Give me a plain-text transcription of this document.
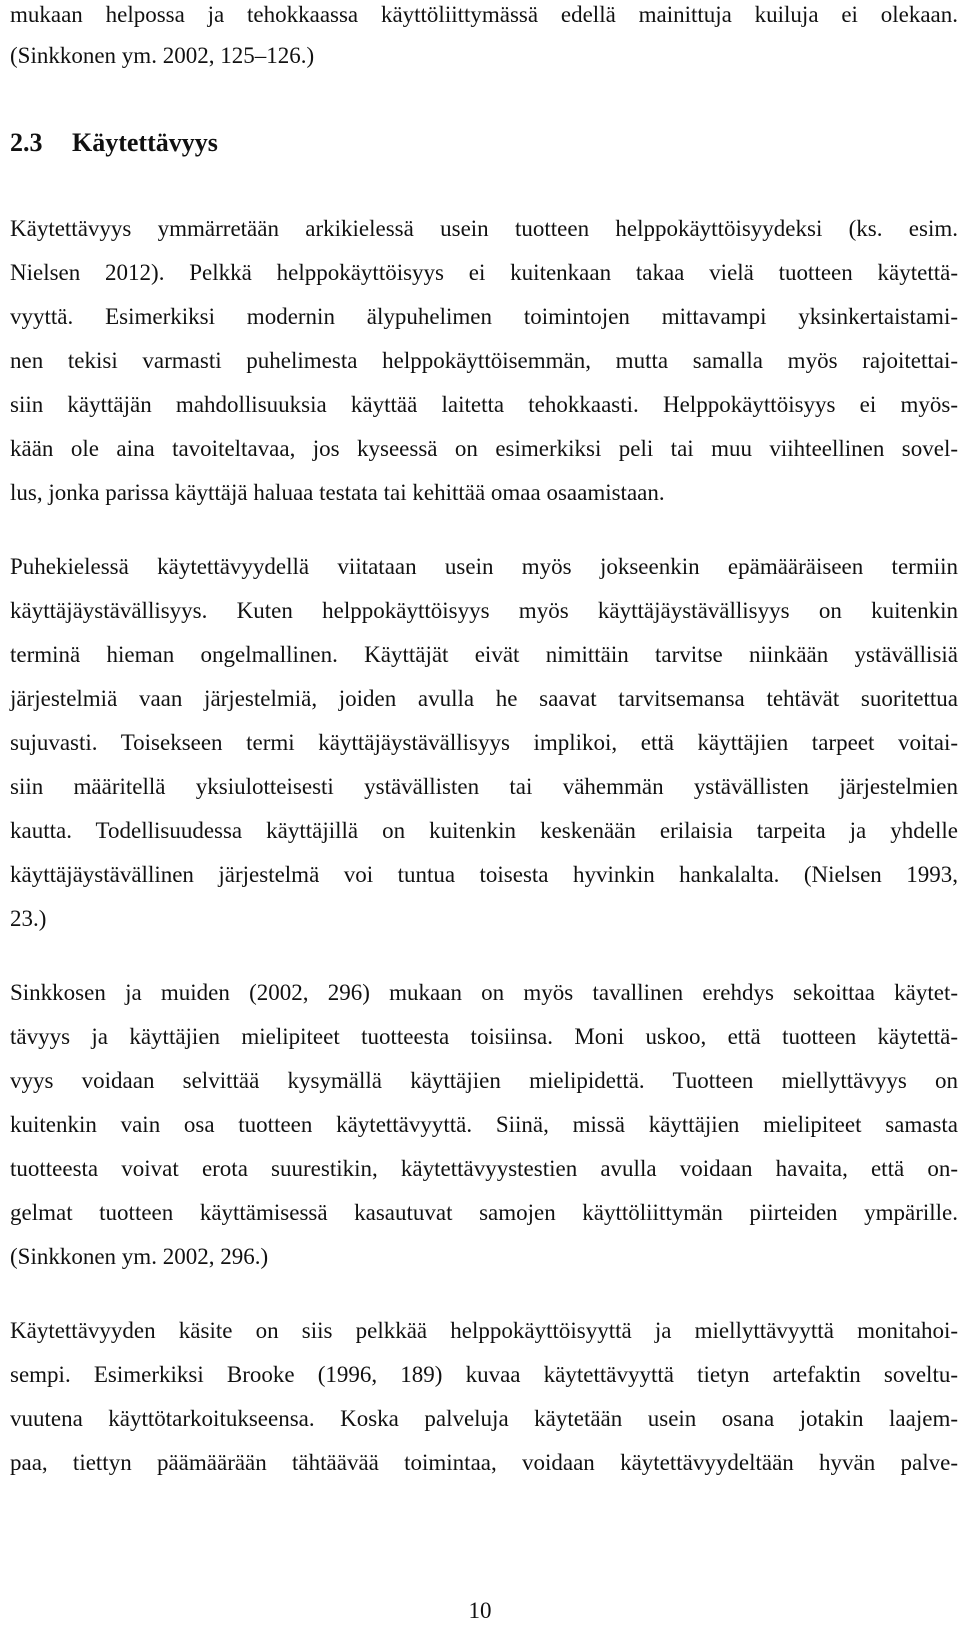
mukaan helpossa ja tehokkaassa käyttöliittymässä edellä mainittuja kuiluja ei olekaan.
(Sinkkonen ym. 2002, 125–126.)
2.3 Käytettävyys
Käytettävyys ymmärretään arkikielessä usein tuotteen helppokäyttöisyydeksi (ks. esim.
Nielsen 2012). Pelkkä helppokäyttöisyys ei kuitenkaan takaa vielä tuotteen käytettä-
vyyttä. Esimerkiksi modernin älypuhelimen toimintojen mittavampi yksinkertaistami-
nen tekisi varmasti puhelimesta helppokäyttöisemmän, mutta samalla myös rajoitettai-
siin käyttäjän mahdollisuuksia käyttää laitetta tehokkaasti. Helppokäyttöisyys ei myös-
kään ole aina tavoiteltavaa, jos kyseessä on esimerkiksi peli tai muu viihteellinen sovel-
lus, jonka parissa käyttäjä haluaa testata tai kehittää omaa osaamistaan.
Puhekielessä käytettävyydellä viitataan usein myös jokseenkin epämääräiseen termiin
käyttäjäystävällisyys. Kuten helppokäyttöisyys myös käyttäjäystävällisyys on kuitenkin
terminä hieman ongelmallinen. Käyttäjät eivät nimittäin tarvitse niinkään ystävällisiä
järjestelmiä vaan järjestelmiä, joiden avulla he saavat tarvitsemansa tehtävät suoritettua
sujuvasti. Toisekseen termi käyttäjäystävällisyys implikoi, että käyttäjien tarpeet voitai-
siin määritellä yksiulotteisesti ystävällisten tai vähemmän ystävällisten järjestelmien
kautta. Todellisuudessa käyttäjillä on kuitenkin keskenään erilaisia tarpeita ja yhdelle
käyttäjäystävällinen järjestelmä voi tuntua toisesta hyvinkin hankalalta. (Nielsen 1993,
23.)
Sinkkosen ja muiden (2002, 296) mukaan on myös tavallinen erehdys sekoittaa käytet-
tävyys ja käyttäjien mielipiteet tuotteesta toisiinsa. Moni uskoo, että tuotteen käytettä-
vyys voidaan selvittää kysymällä käyttäjien mielipidettä. Tuotteen miellyttävyys on
kuitenkin vain osa tuotteen käytettävyyttä. Siinä, missä käyttäjien mielipiteet samasta
tuotteesta voivat erota suurestikin, käytettävyystestien avulla voidaan havaita, että on-
gelmat tuotteen käyttämisessä kasautuvat samojen käyttöliittymän piirteiden ympärille.
(Sinkkonen ym. 2002, 296.)
Käytettävyyden käsite on siis pelkkää helppokäyttöisyyttä ja miellyttävyyttä monitahoi-
sempi. Esimerkiksi Brooke (1996, 189) kuvaa käytettävyyttä tietyn artefaktin soveltu-
vuutena käyttötarkoitukseensa. Koska palveluja käytetään usein osana jotakin laajem-
paa, tiettyn päämäärään tähtäävää toimintaa, voidaan käytettävyydeltään hyvän palve-
10
